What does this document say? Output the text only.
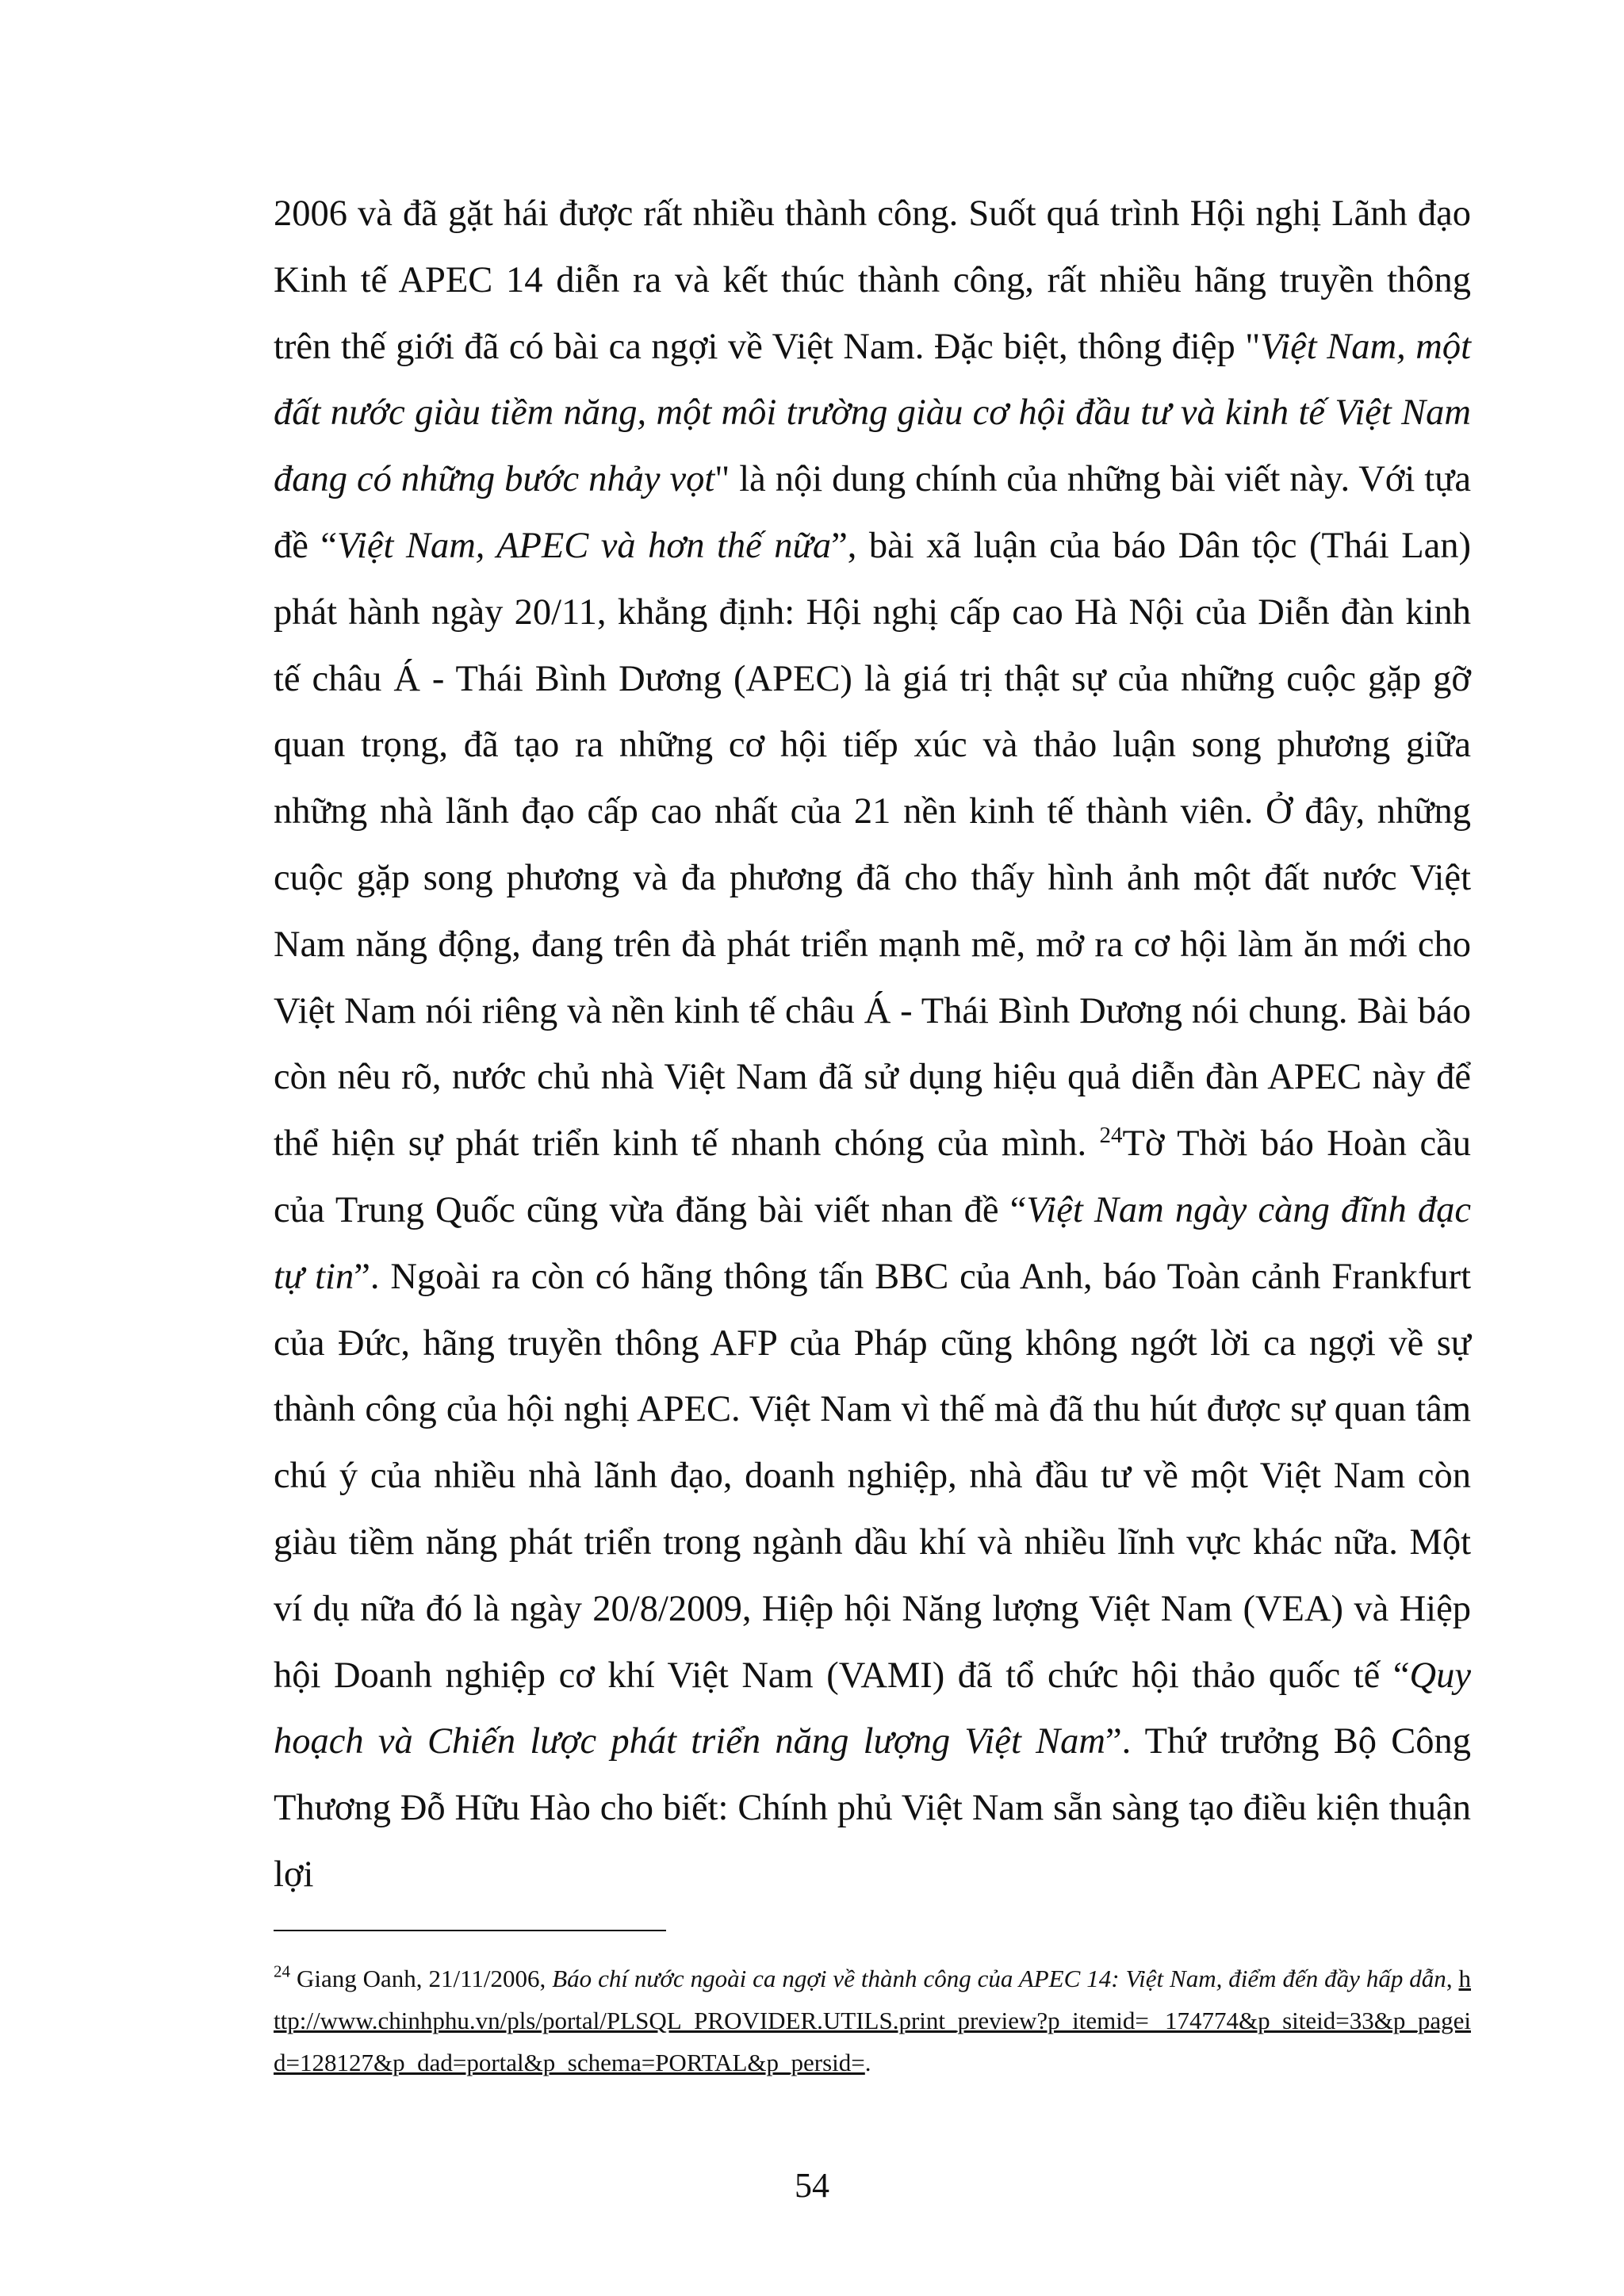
2006 và đã gặt hái được rất nhiều thành công. Suốt quá trình Hội nghị Lãnh đạo Kinh tế APEC 14 diễn ra và kết thúc thành công, rất nhiều hãng truyền thông trên thế giới đã có bài ca ngợi về Việt Nam. Đặc biệt, thông điệp "Việt Nam, một đất nước giàu tiềm năng, một môi trường giàu cơ hội đầu tư và kinh tế Việt Nam đang có những bước nhảy vọt" là nội dung chính của những bài viết này. Với tựa đề “Việt Nam, APEC và hơn thế nữa”, bài xã luận của báo Dân tộc (Thái Lan) phát hành ngày 20/11, khẳng định: Hội nghị cấp cao Hà Nội của Diễn đàn kinh tế châu Á - Thái Bình Dương (APEC) là giá trị thật sự của những cuộc gặp gỡ quan trọng, đã tạo ra những cơ hội tiếp xúc và thảo luận song phương giữa những nhà lãnh đạo cấp cao nhất của 21 nền kinh tế thành viên. Ở đây, những cuộc gặp song phương và đa phương đã cho thấy hình ảnh một đất nước Việt Nam năng động, đang trên đà phát triển mạnh mẽ, mở ra cơ hội làm ăn mới cho Việt Nam nói riêng và nền kinh tế châu Á - Thái Bình Dương nói chung. Bài báo còn nêu rõ, nước chủ nhà Việt Nam đã sử dụng hiệu quả diễn đàn APEC này để thể hiện sự phát triển kinh tế nhanh chóng của mình. $^{24}$Tờ Thời báo Hoàn cầu của Trung Quốc cũng vừa đăng bài viết nhan đề “Việt Nam ngày càng đĩnh đạc tự tin”. Ngoài ra còn có hãng thông tấn BBC của Anh, báo Toàn cảnh Frankfurt của Đức, hãng truyền thông AFP của Pháp cũng không ngớt lời ca ngợi về sự thành công của hội nghị APEC. Việt Nam vì thế mà đã thu hút được sự quan tâm chú ý của nhiều nhà lãnh đạo, doanh nghiệp, nhà đầu tư về một Việt Nam còn giàu tiềm năng phát triển trong ngành dầu khí và nhiều lĩnh vực khác nữa. Một ví dụ nữa đó là ngày 20/8/2009, Hiệp hội Năng lượng Việt Nam (VEA) và Hiệp hội Doanh nghiệp cơ khí Việt Nam (VAMI) đã tổ chức hội thảo quốc tế “Quy hoạch và Chiến lược phát triển năng lượng Việt Nam”. Thứ trưởng Bộ Công Thương Đỗ Hữu Hào cho biết: Chính phủ Việt Nam sẵn sàng tạo điều kiện thuận lợi

$^{24}$ Giang Oanh, 21/11/2006, Báo chí nước ngoài ca ngợi về thành công của APEC 14: Việt Nam, điểm đến đầy hấp dẫn, http://www.chinhphu.vn/pls/portal/PLSQL_PROVIDER.UTILS.print_preview?p_itemid= 174774&p_siteid=33&p_pageid=128127&p_dad=portal&p_schema=PORTAL&p_persid=.

54
